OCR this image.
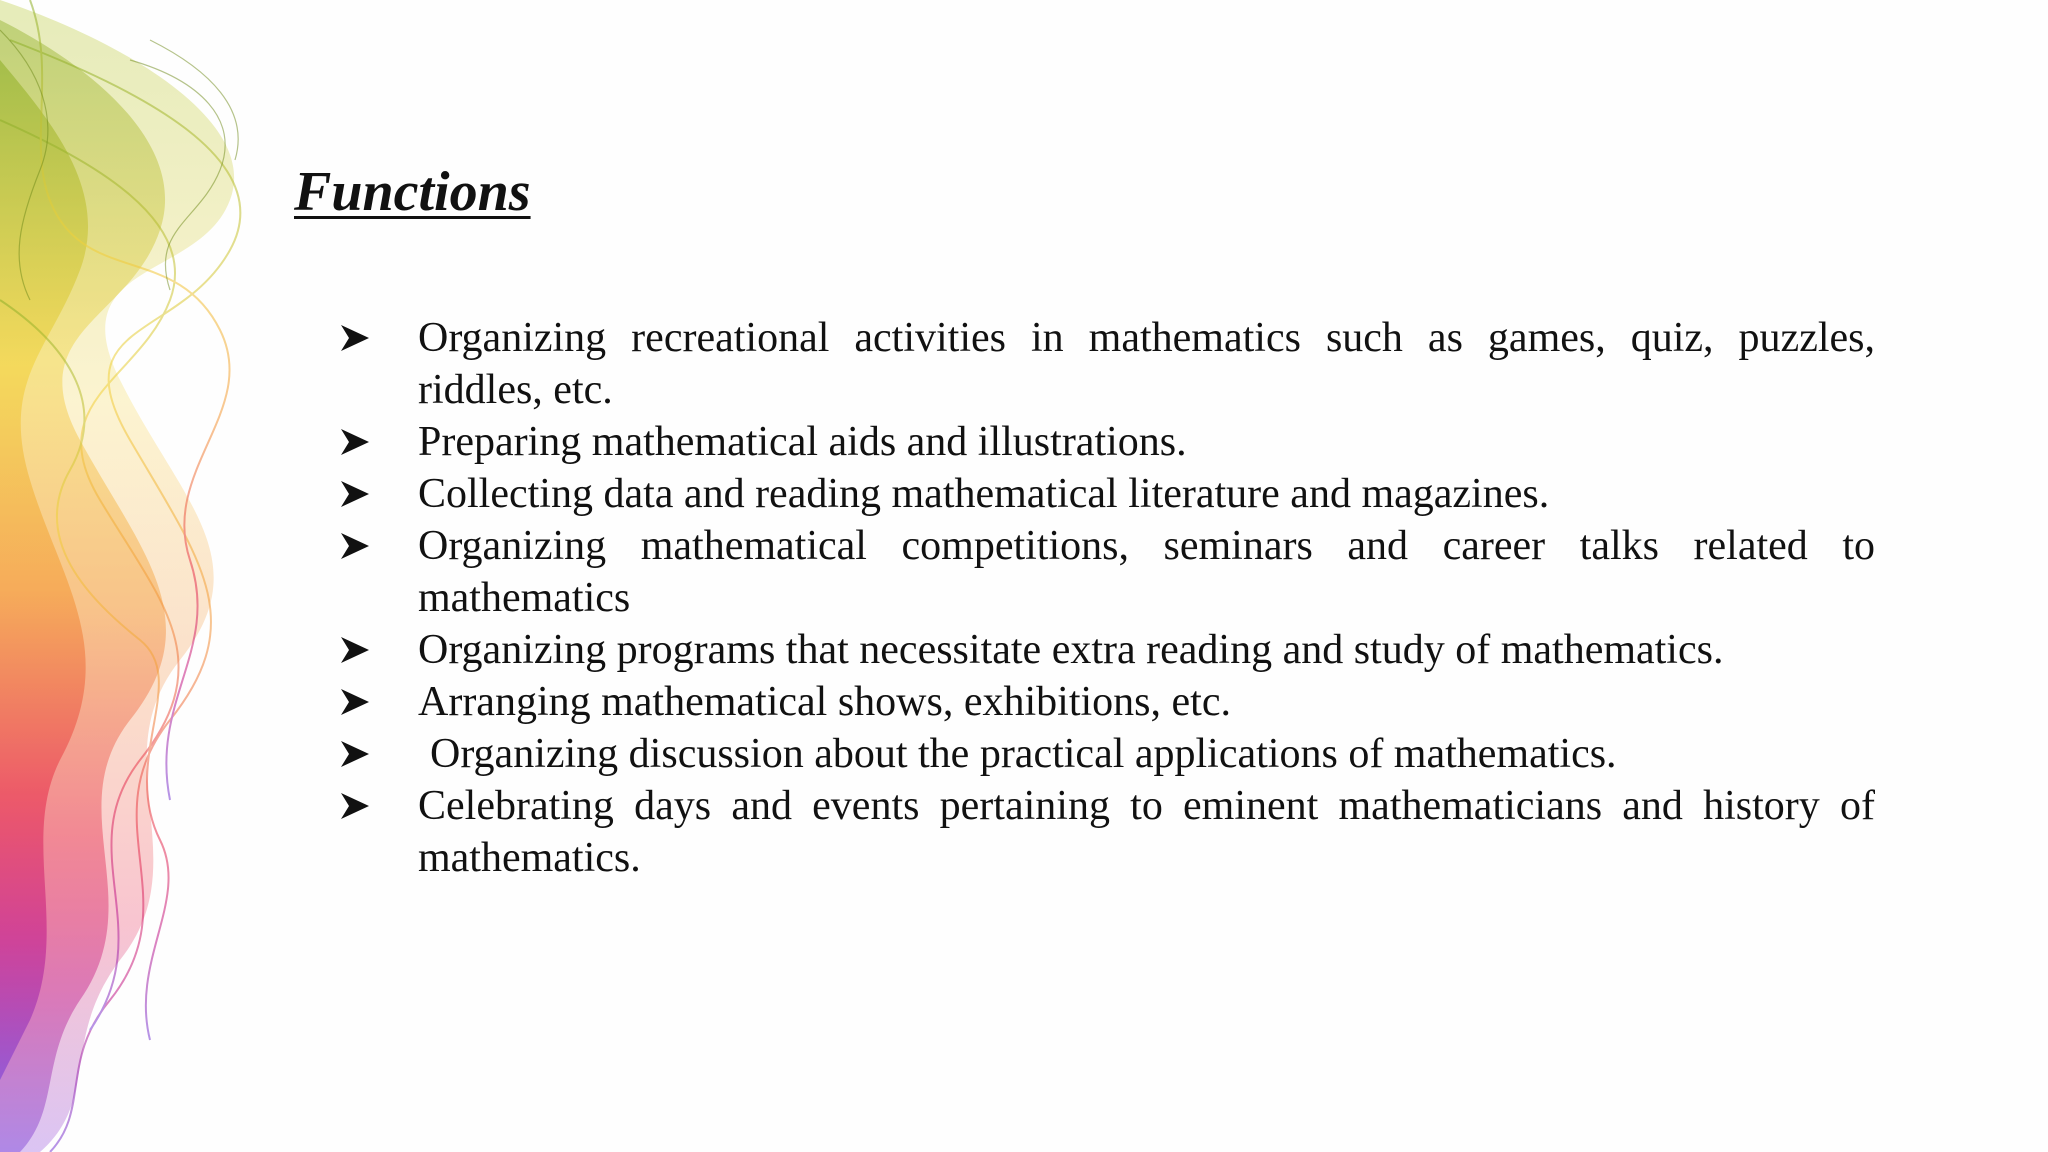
Functions
Organizing recreational activities in mathematics such as games, quiz, puzzles, riddles, etc.
Preparing mathematical aids and illustrations.
Collecting data and reading mathematical literature and magazines.
Organizing mathematical competitions, seminars and career talks related to mathematics
Organizing programs that necessitate extra reading and study of mathematics.
Arranging mathematical shows, exhibitions, etc.
Organizing discussion about the practical applications of mathematics.
Celebrating days and events pertaining to eminent mathematicians and history of mathematics.
